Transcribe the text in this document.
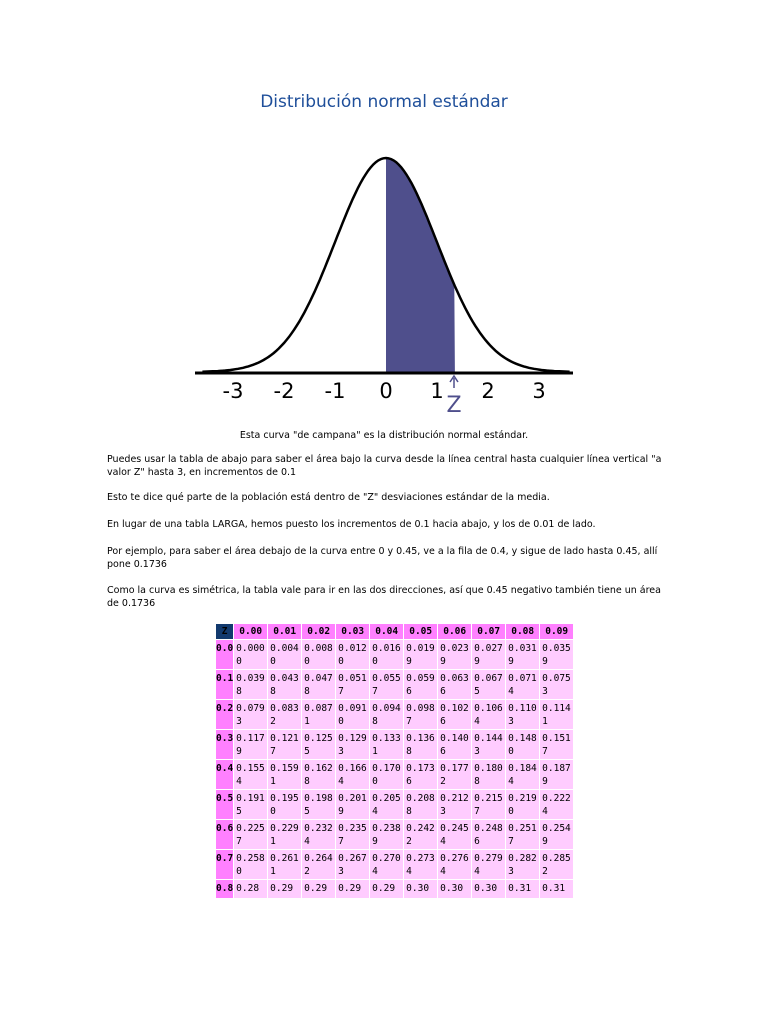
Distribución normal estándar
-3 -2 -1 0 1 2 3
Z
Esta curva "de campana" es la distribución normal estándar.

Puedes usar la tabla de abajo para saber el área bajo la curva desde la línea central hasta cualquier línea vertical "a valor Z" hasta 3, en incrementos de 0.1

Esto te dice qué parte de la población está dentro de "Z" desviaciones estándar de la media.

En lugar de una tabla LARGA, hemos puesto los incrementos de 0.1 hacia abajo, y los de 0.01 de lado.

Por ejemplo, para saber el área debajo de la curva entre 0 y 0.45, ve a la fila de 0.4, y sigue de lado hasta 0.45, allí pone 0.1736

Como la curva es simétrica, la tabla vale para ir en las dos direcciones, así que 0.45 negativo también tiene un área de 0.1736

Z	0.00	0.01	0.02	0.03	0.04	0.05	0.06	0.07	0.08	0.09
0.0	0.0000	0.0040	0.0080	0.0120	0.0160	0.0199	0.0239	0.0279	0.0319	0.0359
0.1	0.0398	0.0438	0.0478	0.0517	0.0557	0.0596	0.0636	0.0675	0.0714	0.0753
0.2	0.0793	0.0832	0.0871	0.0910	0.0948	0.0987	0.1026	0.1064	0.1103	0.1141
0.3	0.1179	0.1217	0.1255	0.1293	0.1331	0.1368	0.1406	0.1443	0.1480	0.1517
0.4	0.1554	0.1591	0.1628	0.1664	0.1700	0.1736	0.1772	0.1808	0.1844	0.1879
0.5	0.1915	0.1950	0.1985	0.2019	0.2054	0.2088	0.2123	0.2157	0.2190	0.2224
0.6	0.2257	0.2291	0.2324	0.2357	0.2389	0.2422	0.2454	0.2486	0.2517	0.2549
0.7	0.2580	0.2611	0.2642	0.2673	0.2704	0.2734	0.2764	0.2794	0.2823	0.2852
0.8	0.28	0.29	0.29	0.29	0.29	0.30	0.30	0.30	0.31	0.31
